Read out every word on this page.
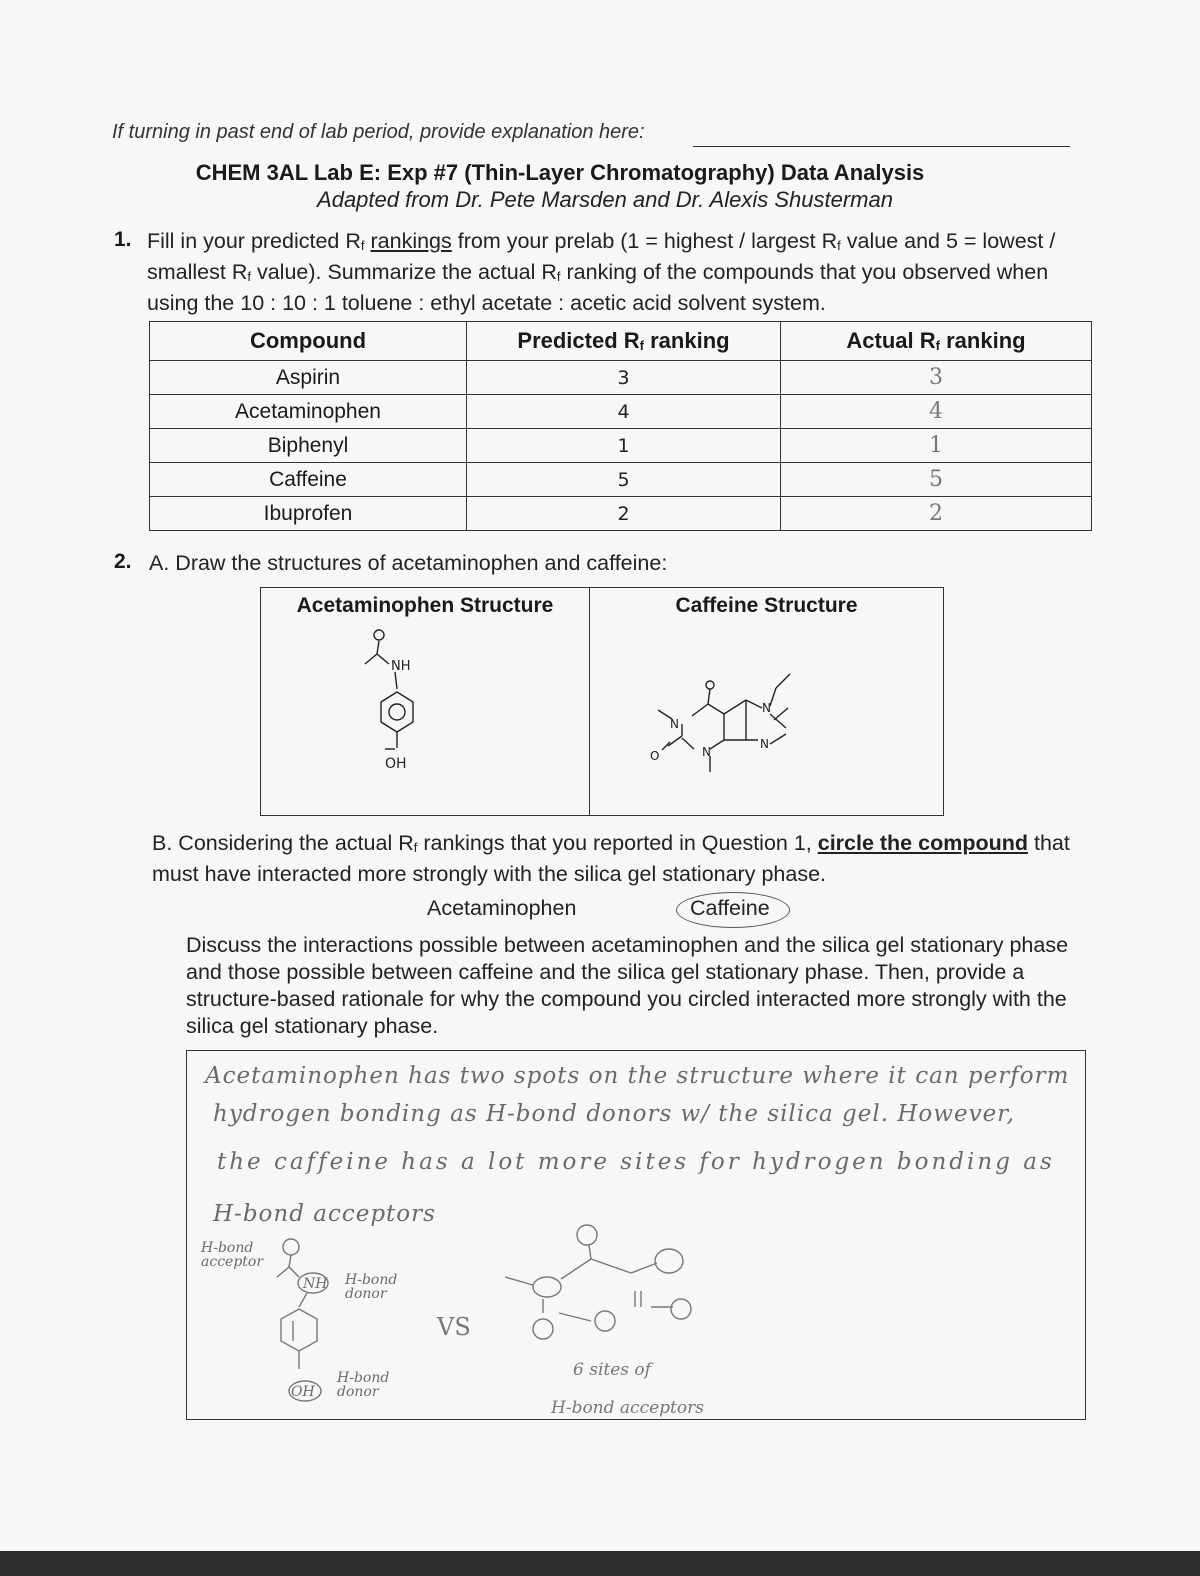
If turning in past end of lab period, provide explanation here:
CHEM 3AL Lab E: Exp #7 (Thin-Layer Chromatography) Data Analysis
Adapted from Dr. Pete Marsden and Dr. Alexis Shusterman
1. Fill in your predicted $R_f$ rankings from your prelab (1 = highest / largest $R_f$ value and 5 = lowest / smallest $R_f$ value). Summarize the actual $R_f$ ranking of the compounds that you observed when using the 10 : 10 : 1 toluene : ethyl acetate : acetic acid solvent system.
Compound	Predicted $R_f$ ranking	Actual $R_f$ ranking
Aspirin	3	3
Acetaminophen	4	4
Biphenyl	1	1
Caffeine	5	5
Ibuprofen	2	2
2. A. Draw the structures of acetaminophen and caffeine:
Acetaminophen Structure
NH
OH

Caffeine Structure
N
N
N
N
O
B. Considering the actual $R_f$ rankings that you reported in Question 1, circle the compound that must have interacted more strongly with the silica gel stationary phase.
Acetaminophen	Caffeine
Discuss the interactions possible between acetaminophen and the silica gel stationary phase and those possible between caffeine and the silica gel stationary phase. Then, provide a structure-based rationale for why the compound you circled interacted more strongly with the silica gel stationary phase.
Acetaminophen has two spots on the structure where it can perform
hydrogen bonding as H-bond donors w/ the silica gel. However,
the caffeine has a lot more sites for hydrogen bonding as
H-bond acceptors
H-bond acceptor
H-bond donor
H-bond donor
NH
OH
VS
6 sites of
H-bond acceptors
